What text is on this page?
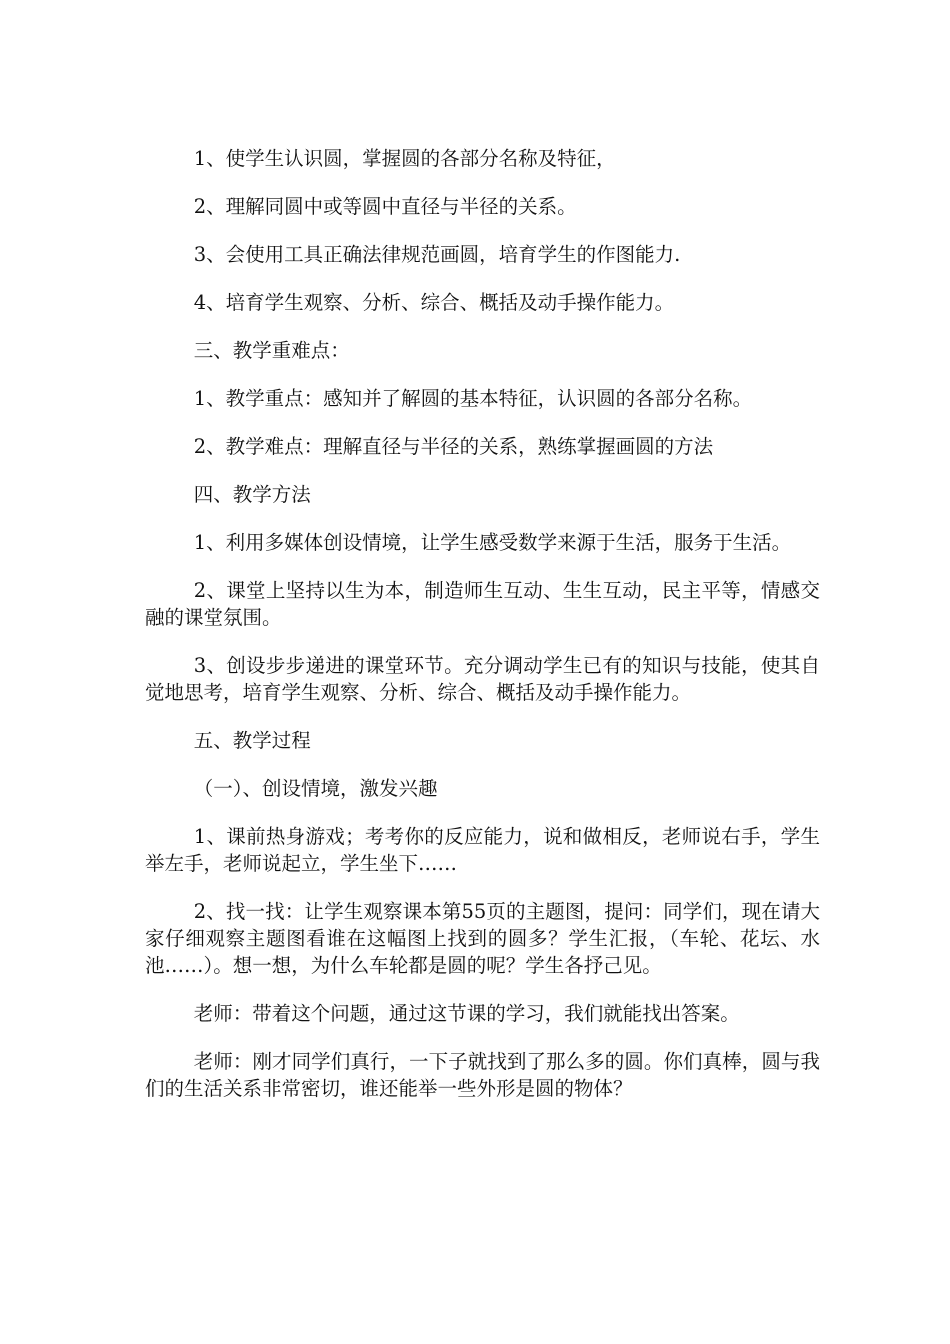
1、使学生认识圆，掌握圆的各部分名称及特征，

2、理解同圆中或等圆中直径与半径的关系。

3、会使用工具正确法律规范画圆，培育学生的作图能力.

4、培育学生观察、分析、综合、概括及动手操作能力。

三、教学重难点：

1、教学重点：感知并了解圆的基本特征，认识圆的各部分名称。

2、教学难点：理解直径与半径的关系，熟练掌握画圆的方法

四、教学方法

1、利用多媒体创设情境，让学生感受数学来源于生活，服务于生活。

2、课堂上坚持以生为本，制造师生互动、生生互动，民主平等，情感交融的课堂氛围。

3、创设步步递进的课堂环节。充分调动学生已有的知识与技能，使其自觉地思考，培育学生观察、分析、综合、概括及动手操作能力。

五、教学过程

（一）、创设情境，激发兴趣

1、课前热身游戏；考考你的反应能力，说和做相反，老师说右手，学生举左手，老师说起立，学生坐下……

2、找一找：让学生观察课本第55页的主题图，提问：同学们，现在请大家仔细观察主题图看谁在这幅图上找到的圆多？学生汇报，（车轮、花坛、水池……）。想一想，为什么车轮都是圆的呢？学生各抒己见。

老师：带着这个问题，通过这节课的学习，我们就能找出答案。

老师：刚才同学们真行，一下子就找到了那么多的圆。你们真棒，圆与我们的生活关系非常密切，谁还能举一些外形是圆的物体？
